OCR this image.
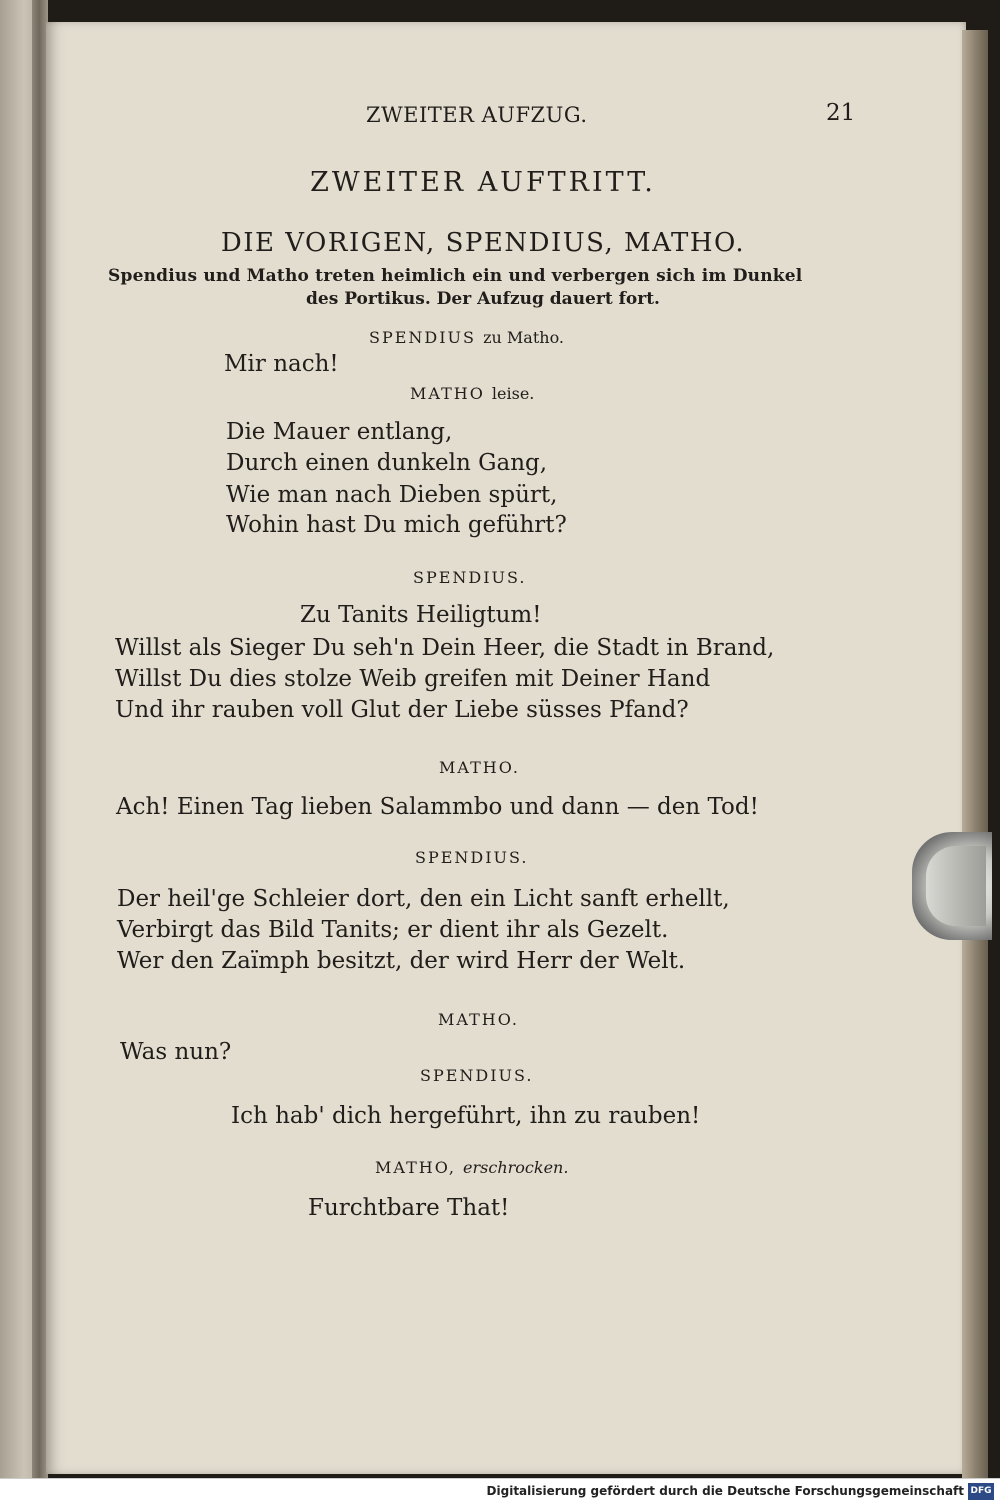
ZWEITER AUFZUG.	21
ZWEITER AUFTRITT.
DIE VORIGEN, SPENDIUS, MATHO.
Spendius und Matho treten heimlich ein und verbergen sich im Dunkel
des Portikus. Der Aufzug dauert fort.
SPENDIUS zu Matho.
Mir nach!
MATHO leise.
Die Mauer entlang,
Durch einen dunkeln Gang,
Wie man nach Dieben spürt,
Wohin hast Du mich geführt?
SPENDIUS.
Zu Tanits Heiligtum!
Willst als Sieger Du seh'n Dein Heer, die Stadt in Brand,
Willst Du dies stolze Weib greifen mit Deiner Hand
Und ihr rauben voll Glut der Liebe süsses Pfand?
MATHO.
Ach! Einen Tag lieben Salammbo und dann — den Tod!
SPENDIUS.
Der heil'ge Schleier dort, den ein Licht sanft erhellt,
Verbirgt das Bild Tanits; er dient ihr als Gezelt.
Wer den Zaïmph besitzt, der wird Herr der Welt.
MATHO.
Was nun?
SPENDIUS.
Ich hab' dich hergeführt, ihn zu rauben!
MATHO, erschrocken.
Furchtbare That!
Digitalisierung gefördert durch die Deutsche Forschungsgemeinschaft DFG
